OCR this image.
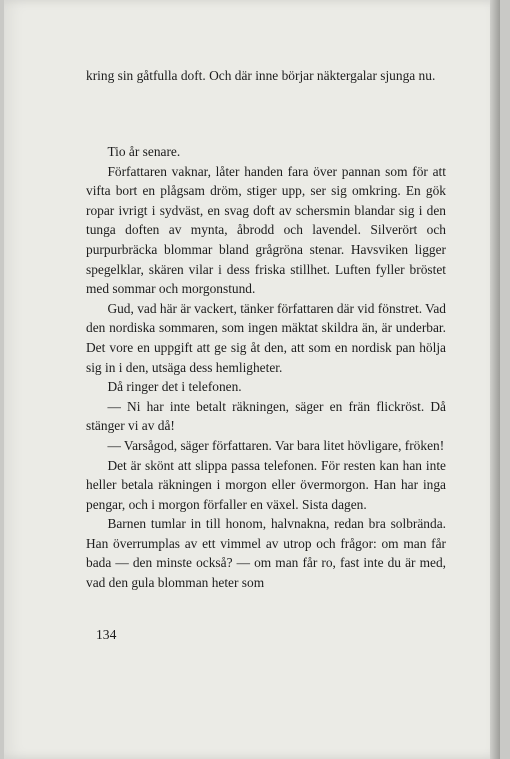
kring sin gåtfulla doft. Och där inne börjar näktergalar sjunga nu.

Tio år senare.

Författaren vaknar, låter handen fara över pannan som för att vifta bort en plågsam dröm, stiger upp, ser sig omkring. En gök ropar ivrigt i sydväst, en svag doft av schersmin blandar sig i den tunga doften av mynta, åbrodd och lavendel. Silverört och purpurbräcka blommar bland grågröna stenar. Havsviken ligger spegelklar, skären vilar i dess friska stillhet. Luften fyller bröstet med sommar och morgonstund.

Gud, vad här är vackert, tänker författaren där vid fönstret. Vad den nordiska sommaren, som ingen mäktat skildra än, är underbar. Det vore en uppgift att ge sig åt den, att som en nordisk pan hölja sig in i den, utsäga dess hemligheter.

Då ringer det i telefonen.

— Ni har inte betalt räkningen, säger en frän flickröst. Då stänger vi av då!

— Varsågod, säger författaren. Var bara litet hövligare, fröken!

Det är skönt att slippa passa telefonen. För resten kan han inte heller betala räkningen i morgon eller övermorgon. Han har inga pengar, och i morgon förfaller en växel. Sista dagen.

Barnen tumlar in till honom, halvnakna, redan bra solbrända. Han överrumplas av ett vimmel av utrop och frågor: om man får bada — den minste också? — om man får ro, fast inte du är med, vad den gula blomman heter som

134
